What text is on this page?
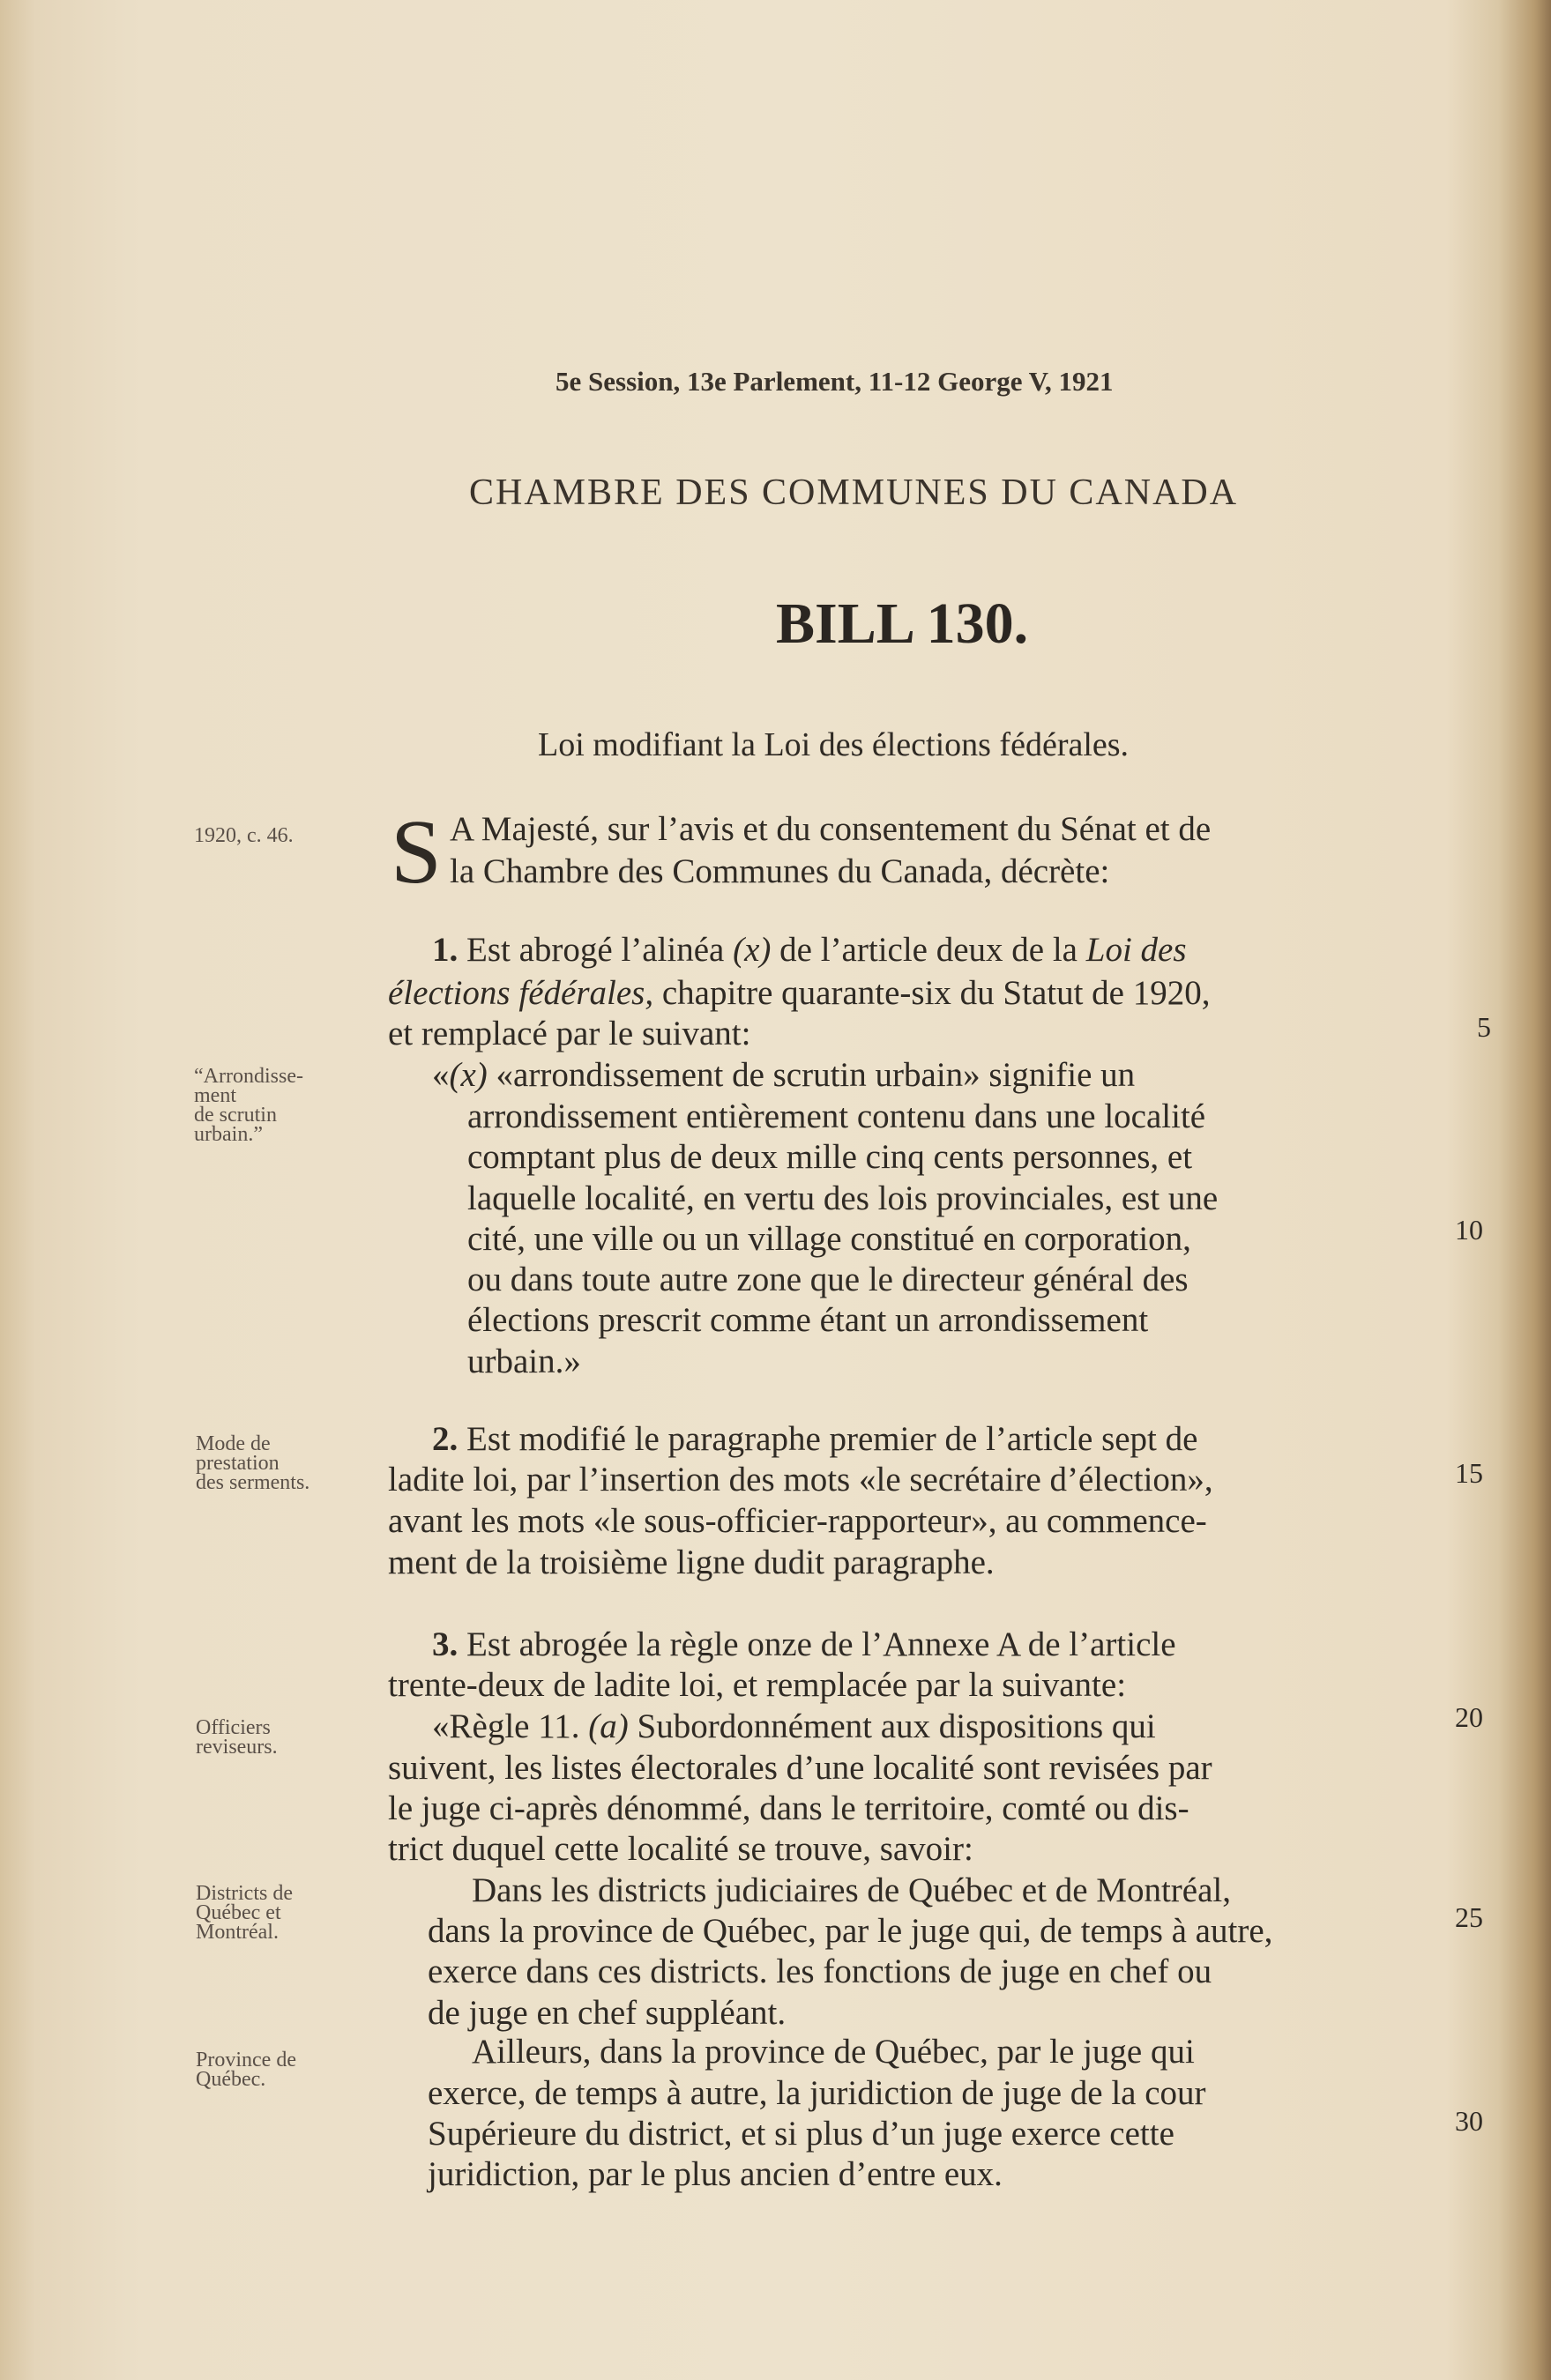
5e Session, 13e Parlement, 11-12 George V, 1921
CHAMBRE DES COMMUNES DU CANADA
BILL 130.
Loi modifiant la Loi des élections fédérales.
1920, c. 46.
“Arrondisse-
ment
de scrutin
urbain.”
Mode de
prestation
des serments.
Officiers
reviseurs.
Districts de
Québec et
Montréal.
Province de
Québec.
5
10
15
20
25
30
S A Majesté, sur l’avis et du consentement du Sénat et de
la Chambre des Communes du Canada, décrète:
1. Est abrogé l’alinéa (x) de l’article deux de la Loi des
élections fédérales, chapitre quarante-six du Statut de 1920,
et remplacé par le suivant:
«(x) «arrondissement de scrutin urbain» signifie un
arrondissement entièrement contenu dans une localité
comptant plus de deux mille cinq cents personnes, et
laquelle localité, en vertu des lois provinciales, est une
cité, une ville ou un village constitué en corporation,
ou dans toute autre zone que le directeur général des
élections prescrit comme étant un arrondissement
urbain.»
2. Est modifié le paragraphe premier de l’article sept de
ladite loi, par l’insertion des mots «le secrétaire d’élection»,
avant les mots «le sous-officier-rapporteur», au commence-
ment de la troisième ligne dudit paragraphe.
3. Est abrogée la règle onze de l’Annexe A de l’article
trente-deux de ladite loi, et remplacée par la suivante:
«Règle 11. (a) Subordonnément aux dispositions qui
suivent, les listes électorales d’une localité sont revisées par
le juge ci-après dénommé, dans le territoire, comté ou dis-
trict duquel cette localité se trouve, savoir:
Dans les districts judiciaires de Québec et de Montréal,
dans la province de Québec, par le juge qui, de temps à autre,
exerce dans ces districts. les fonctions de juge en chef ou
de juge en chef suppléant.
Ailleurs, dans la province de Québec, par le juge qui
exerce, de temps à autre, la juridiction de juge de la cour
Supérieure du district, et si plus d’un juge exerce cette
juridiction, par le plus ancien d’entre eux.
